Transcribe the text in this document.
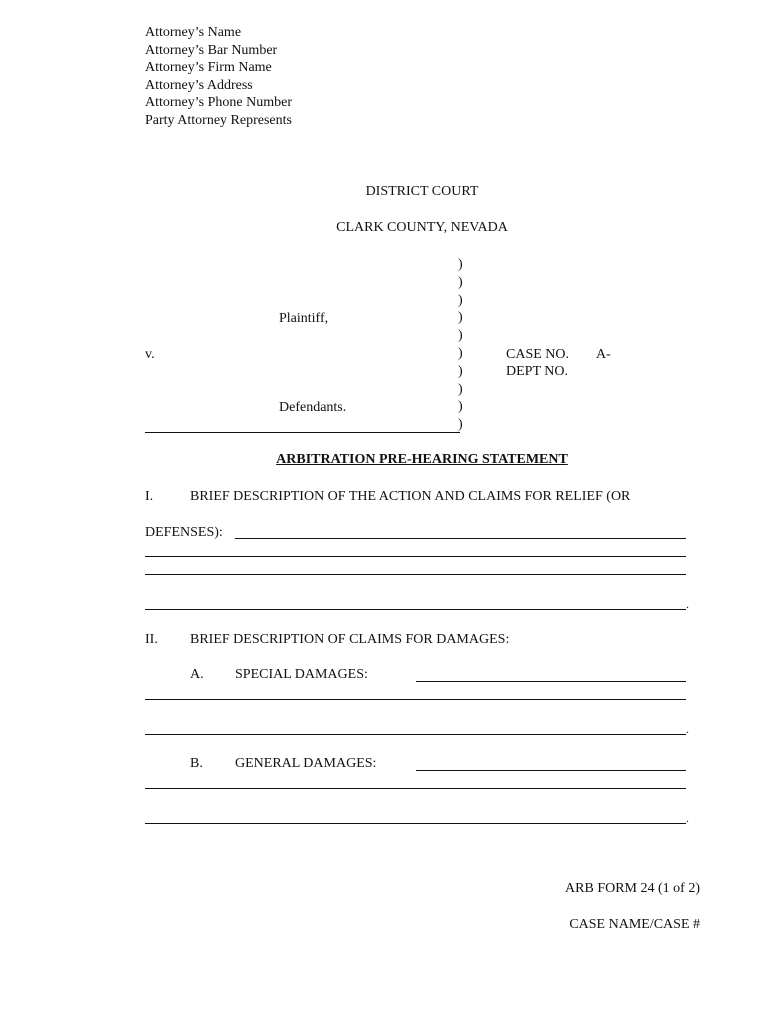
Attorney’s Name
Attorney’s Bar Number
Attorney’s Firm Name
Attorney’s Address
Attorney’s Phone Number
Party Attorney Represents
DISTRICT COURT
CLARK COUNTY, NEVADA
)
)
)
)
)
)
)
)
)
)
Plaintiff,
v.
Defendants.
CASE NO. A-
DEPT NO.
ARBITRATION PRE-HEARING STATEMENT
I.	BRIEF DESCRIPTION OF THE ACTION AND CLAIMS FOR RELIEF (OR
DEFENSES):
.
II. BRIEF DESCRIPTION OF CLAIMS FOR DAMAGES:
A. SPECIAL DAMAGES:
.
B. GENERAL DAMAGES:
.
ARB FORM 24 (1 of 2)
CASE NAME/CASE #
